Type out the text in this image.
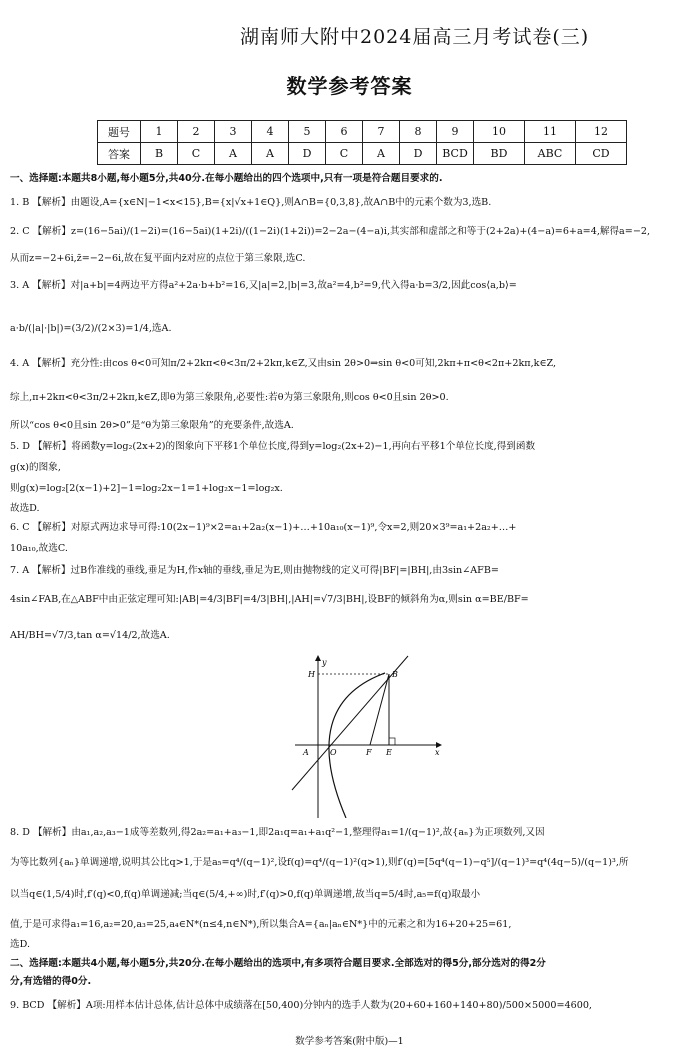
湖南师大附中2024届高三月考试卷(三)
数学参考答案
题号	1	2	3	4	5	6	7	8	9	10	11	12
答案	B	C	A	A	D	C	A	D	BCD	BD	ABC	CD
一、选择题:本题共8小题,每小题5分,共40分.在每小题给出的四个选项中,只有一项是符合题目要求的.
1. B 【解析】由题设,A={x∈N|−1<x<15},B={x|√x+1∈Q},则A∩B={0,3,8},故A∩B中的元素个数为3,选B.
2. C 【解析】z=(16−5ai)/(1−2i)=(16−5ai)(1+2i)/((1−2i)(1+2i))=2−2a−(4−a)i,其实部和虚部之和等于(2+2a)+(4−a)=6+a=4,解得a=−2,
从而z=−2+6i,z̄=−2−6i,故在复平面内z̄对应的点位于第三象限,选C.
3. A 【解析】对|a+b|=4两边平方得a²+2a·b+b²=16,又|a|=2,|b|=3,故a²=4,b²=9,代入得a·b=3/2,因此cos⟨a,b⟩=
a·b/(|a|·|b|)=(3/2)/(2×3)=1/4,选A.
4. A 【解析】充分性:由cos θ<0可知π/2+2kπ<θ<3π/2+2kπ,k∈Z,又由sin 2θ>0⇒sin θ<0可知,2kπ+π<θ<2π+2kπ,k∈Z,
综上,π+2kπ<θ<3π/2+2kπ,k∈Z,即θ为第三象限角,必要性:若θ为第三象限角,则cos θ<0且sin 2θ>0.
所以“cos θ<0且sin 2θ>0”是“θ为第三象限角”的充要条件,故选A.
5. D 【解析】将函数y=log₂(2x+2)的图象向下平移1个单位长度,得到y=log₂(2x+2)−1,再向右平移1个单位长度,得到函数
g(x)的图象,
则g(x)=log₂[2(x−1)+2]−1=log₂2x−1=1+log₂x−1=log₂x.
故选D.
6. C 【解析】对原式两边求导可得:10(2x−1)⁹×2=a₁+2a₂(x−1)+…+10a₁₀(x−1)⁹,令x=2,则20×3⁹=a₁+2a₂+…+
10a₁₀,故选C.
7. A 【解析】过B作准线的垂线,垂足为H,作x轴的垂线,垂足为E,则由抛物线的定义可得|BF|=|BH|,由3sin∠AFB=
4sin∠FAB,在△ABF中由正弦定理可知:|AB|=4/3|BF|=4/3|BH|,|AH|=√7/3|BH|,设BF的倾斜角为α,则sin α=BE/BF=
AH/BH=√7/3,tan α=√14/2,故选A.
y
H	B
A	O	F E	x
8. D 【解析】由a₁,a₂,a₃−1成等差数列,得2a₂=a₁+a₃−1,即2a₁q=a₁+a₁q²−1,整理得a₁=1/(q−1)²,故{aₙ}为正项数列,又因
为等比数列{aₙ}单调递增,说明其公比q>1,于是a₅=q⁴/(q−1)²,设f(q)=q⁴/(q−1)²(q>1),则f′(q)=[5q⁴(q−1)−q⁵]/(q−1)³=q⁴(4q−5)/(q−1)³,所
以当q∈(1,5/4)时,f′(q)<0,f(q)单调递减;当q∈(5/4,+∞)时,f′(q)>0,f(q)单调递增,故当q=5/4时,a₅=f(q)取最小
值,于是可求得a₁=16,a₂=20,a₃=25,a₄∈N*(n≤4,n∈N*),所以集合A={aₙ|aₙ∈N*}中的元素之和为16+20+25=61,
选D.
二、选择题:本题共4小题,每小题5分,共20分.在每小题给出的选项中,有多项符合题目要求.全部选对的得5分,部分选对的得2分
分,有选错的得0分.
9. BCD 【解析】A项:用样本估计总体,估计总体中成绩落在[50,400)分钟内的选手人数为(20+60+160+140+80)/500×5000=4600,
数学参考答案(附中版)—1
